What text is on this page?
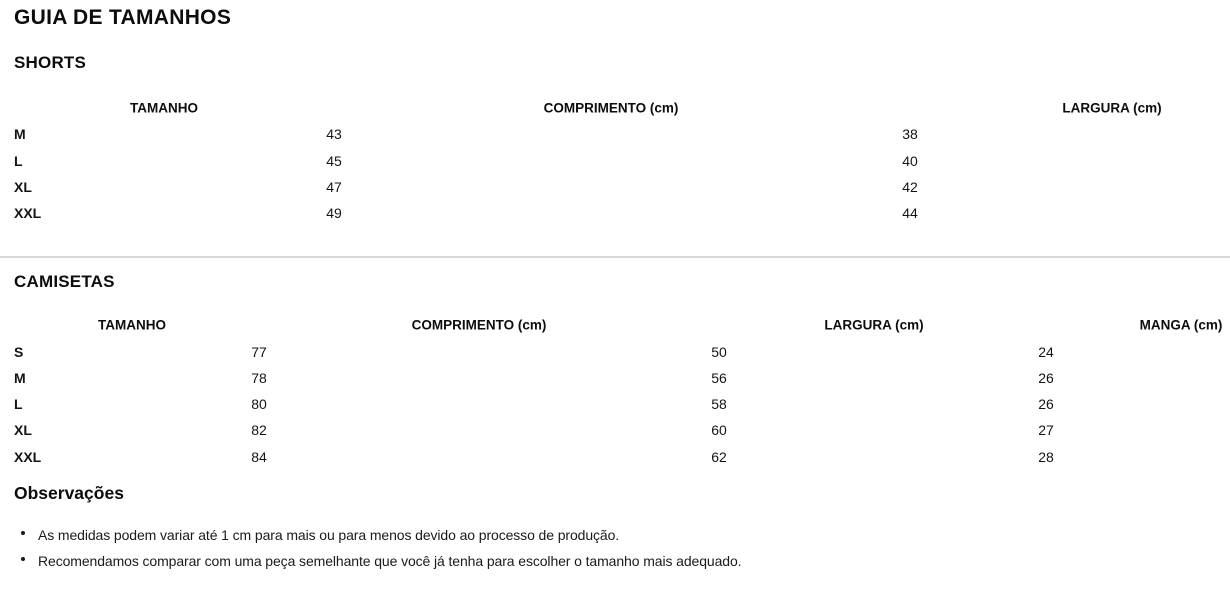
GUIA DE TAMANHOS
SHORTS
TAMANHO	COMPRIMENTO (cm)	LARGURA (cm)
M	43	38
L	45	40
XL	47	42
XXL	49	44
CAMISETAS
TAMANHO	COMPRIMENTO (cm)	LARGURA (cm)	MANGA (cm)
S	77	50	24
M	78	56	26
L	80	58	26
XL	82	60	27
XXL	84	62	28
Observações
As medidas podem variar até 1 cm para mais ou para menos devido ao processo de produção.
Recomendamos comparar com uma peça semelhante que você já tenha para escolher o tamanho mais adequado.
